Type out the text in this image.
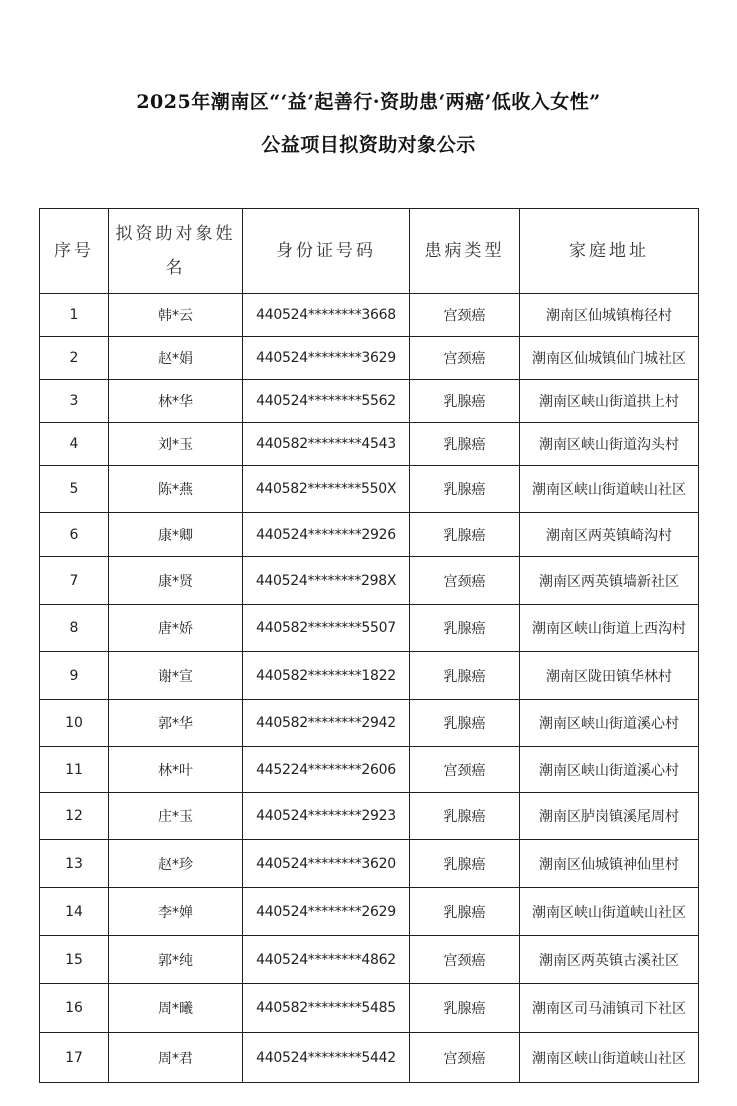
2025年潮南区“‘益’起善行·资助患‘两癌’低收入女性”
公益项目拟资助对象公示
序号	拟资助对象姓名	身份证号码	患病类型	家庭地址
1	韩*云	440524********3668	宫颈癌	潮南区仙城镇梅径村
2	赵*娟	440524********3629	宫颈癌	潮南区仙城镇仙门城社区
3	林*华	440524********5562	乳腺癌	潮南区峡山街道拱上村
4	刘*玉	440582********4543	乳腺癌	潮南区峡山街道沟头村
5	陈*燕	440582********550X	乳腺癌	潮南区峡山街道峡山社区
6	康*卿	440524********2926	乳腺癌	潮南区两英镇崎沟村
7	康*贤	440524********298X	宫颈癌	潮南区两英镇墙新社区
8	唐*娇	440582********5507	乳腺癌	潮南区峡山街道上西沟村
9	谢*宣	440582********1822	乳腺癌	潮南区陇田镇华林村
10	郭*华	440582********2942	乳腺癌	潮南区峡山街道溪心村
11	林*叶	445224********2606	宫颈癌	潮南区峡山街道溪心村
12	庄*玉	440524********2923	乳腺癌	潮南区胪岗镇溪尾周村
13	赵*珍	440524********3620	乳腺癌	潮南区仙城镇神仙里村
14	李*婵	440524********2629	乳腺癌	潮南区峡山街道峡山社区
15	郭*纯	440524********4862	宫颈癌	潮南区两英镇古溪社区
16	周*曦	440582********5485	乳腺癌	潮南区司马浦镇司下社区
17	周*君	440524********5442	宫颈癌	潮南区峡山街道峡山社区
